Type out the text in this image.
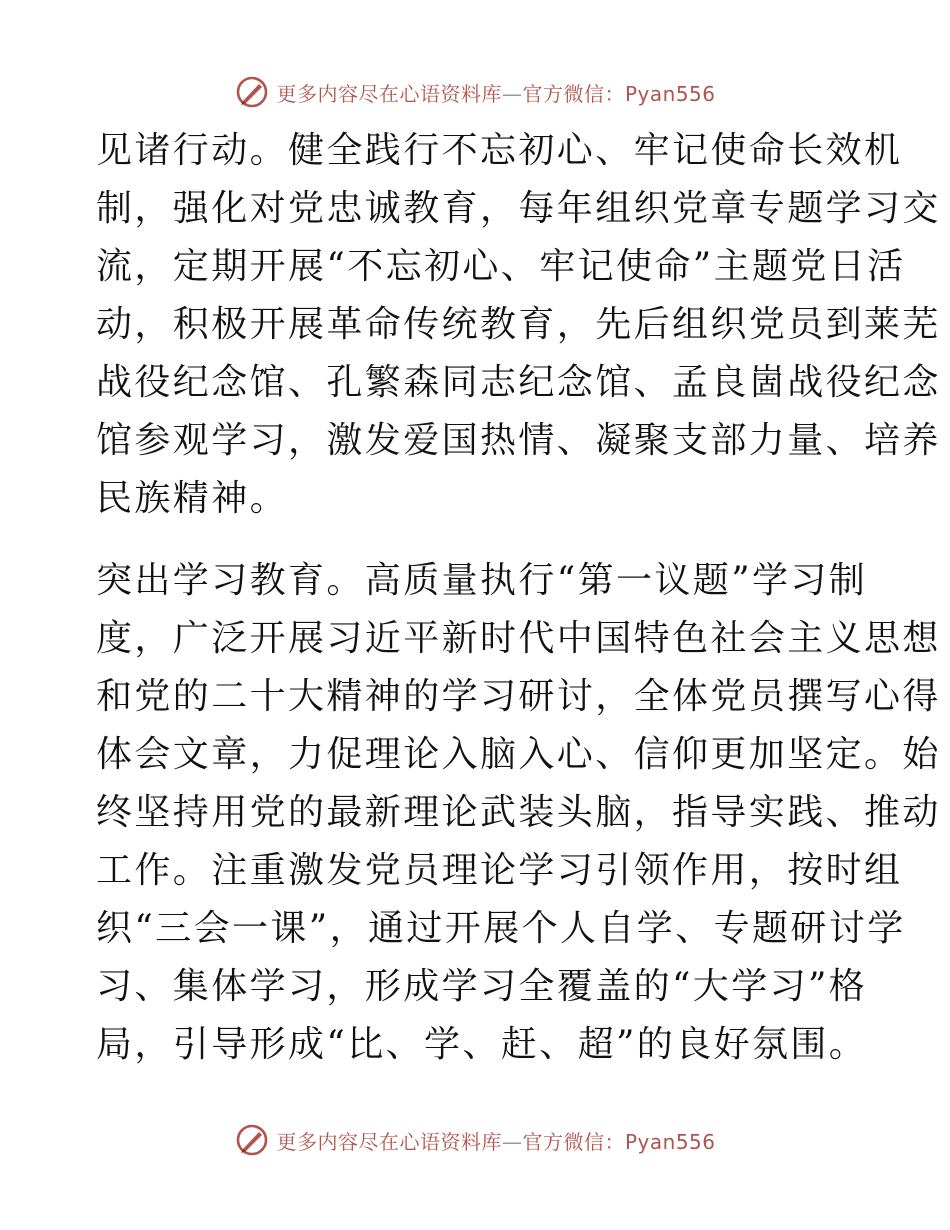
更多内容尽在心语资料库—官方微信：Pyan556
见诸行动。健全践行不忘初心、牢记使命长效机
制，强化对党忠诚教育，每年组织党章专题学习交
流，定期开展“不忘初心、牢记使命”主题党日活
动，积极开展革命传统教育，先后组织党员到莱芜
战役纪念馆、孔繁森同志纪念馆、孟良崮战役纪念
馆参观学习，激发爱国热情、凝聚支部力量、培养
民族精神。
突出学习教育。高质量执行“第一议题”学习制
度，广泛开展习近平新时代中国特色社会主义思想
和党的二十大精神的学习研讨，全体党员撰写心得
体会文章，力促理论入脑入心、信仰更加坚定。始
终坚持用党的最新理论武装头脑，指导实践、推动
工作。注重激发党员理论学习引领作用，按时组
织“三会一课”，通过开展个人自学、专题研讨学
习、集体学习，形成学习全覆盖的“大学习”格
局，引导形成“比、学、赶、超”的良好氛围。
更多内容尽在心语资料库—官方微信：Pyan556
